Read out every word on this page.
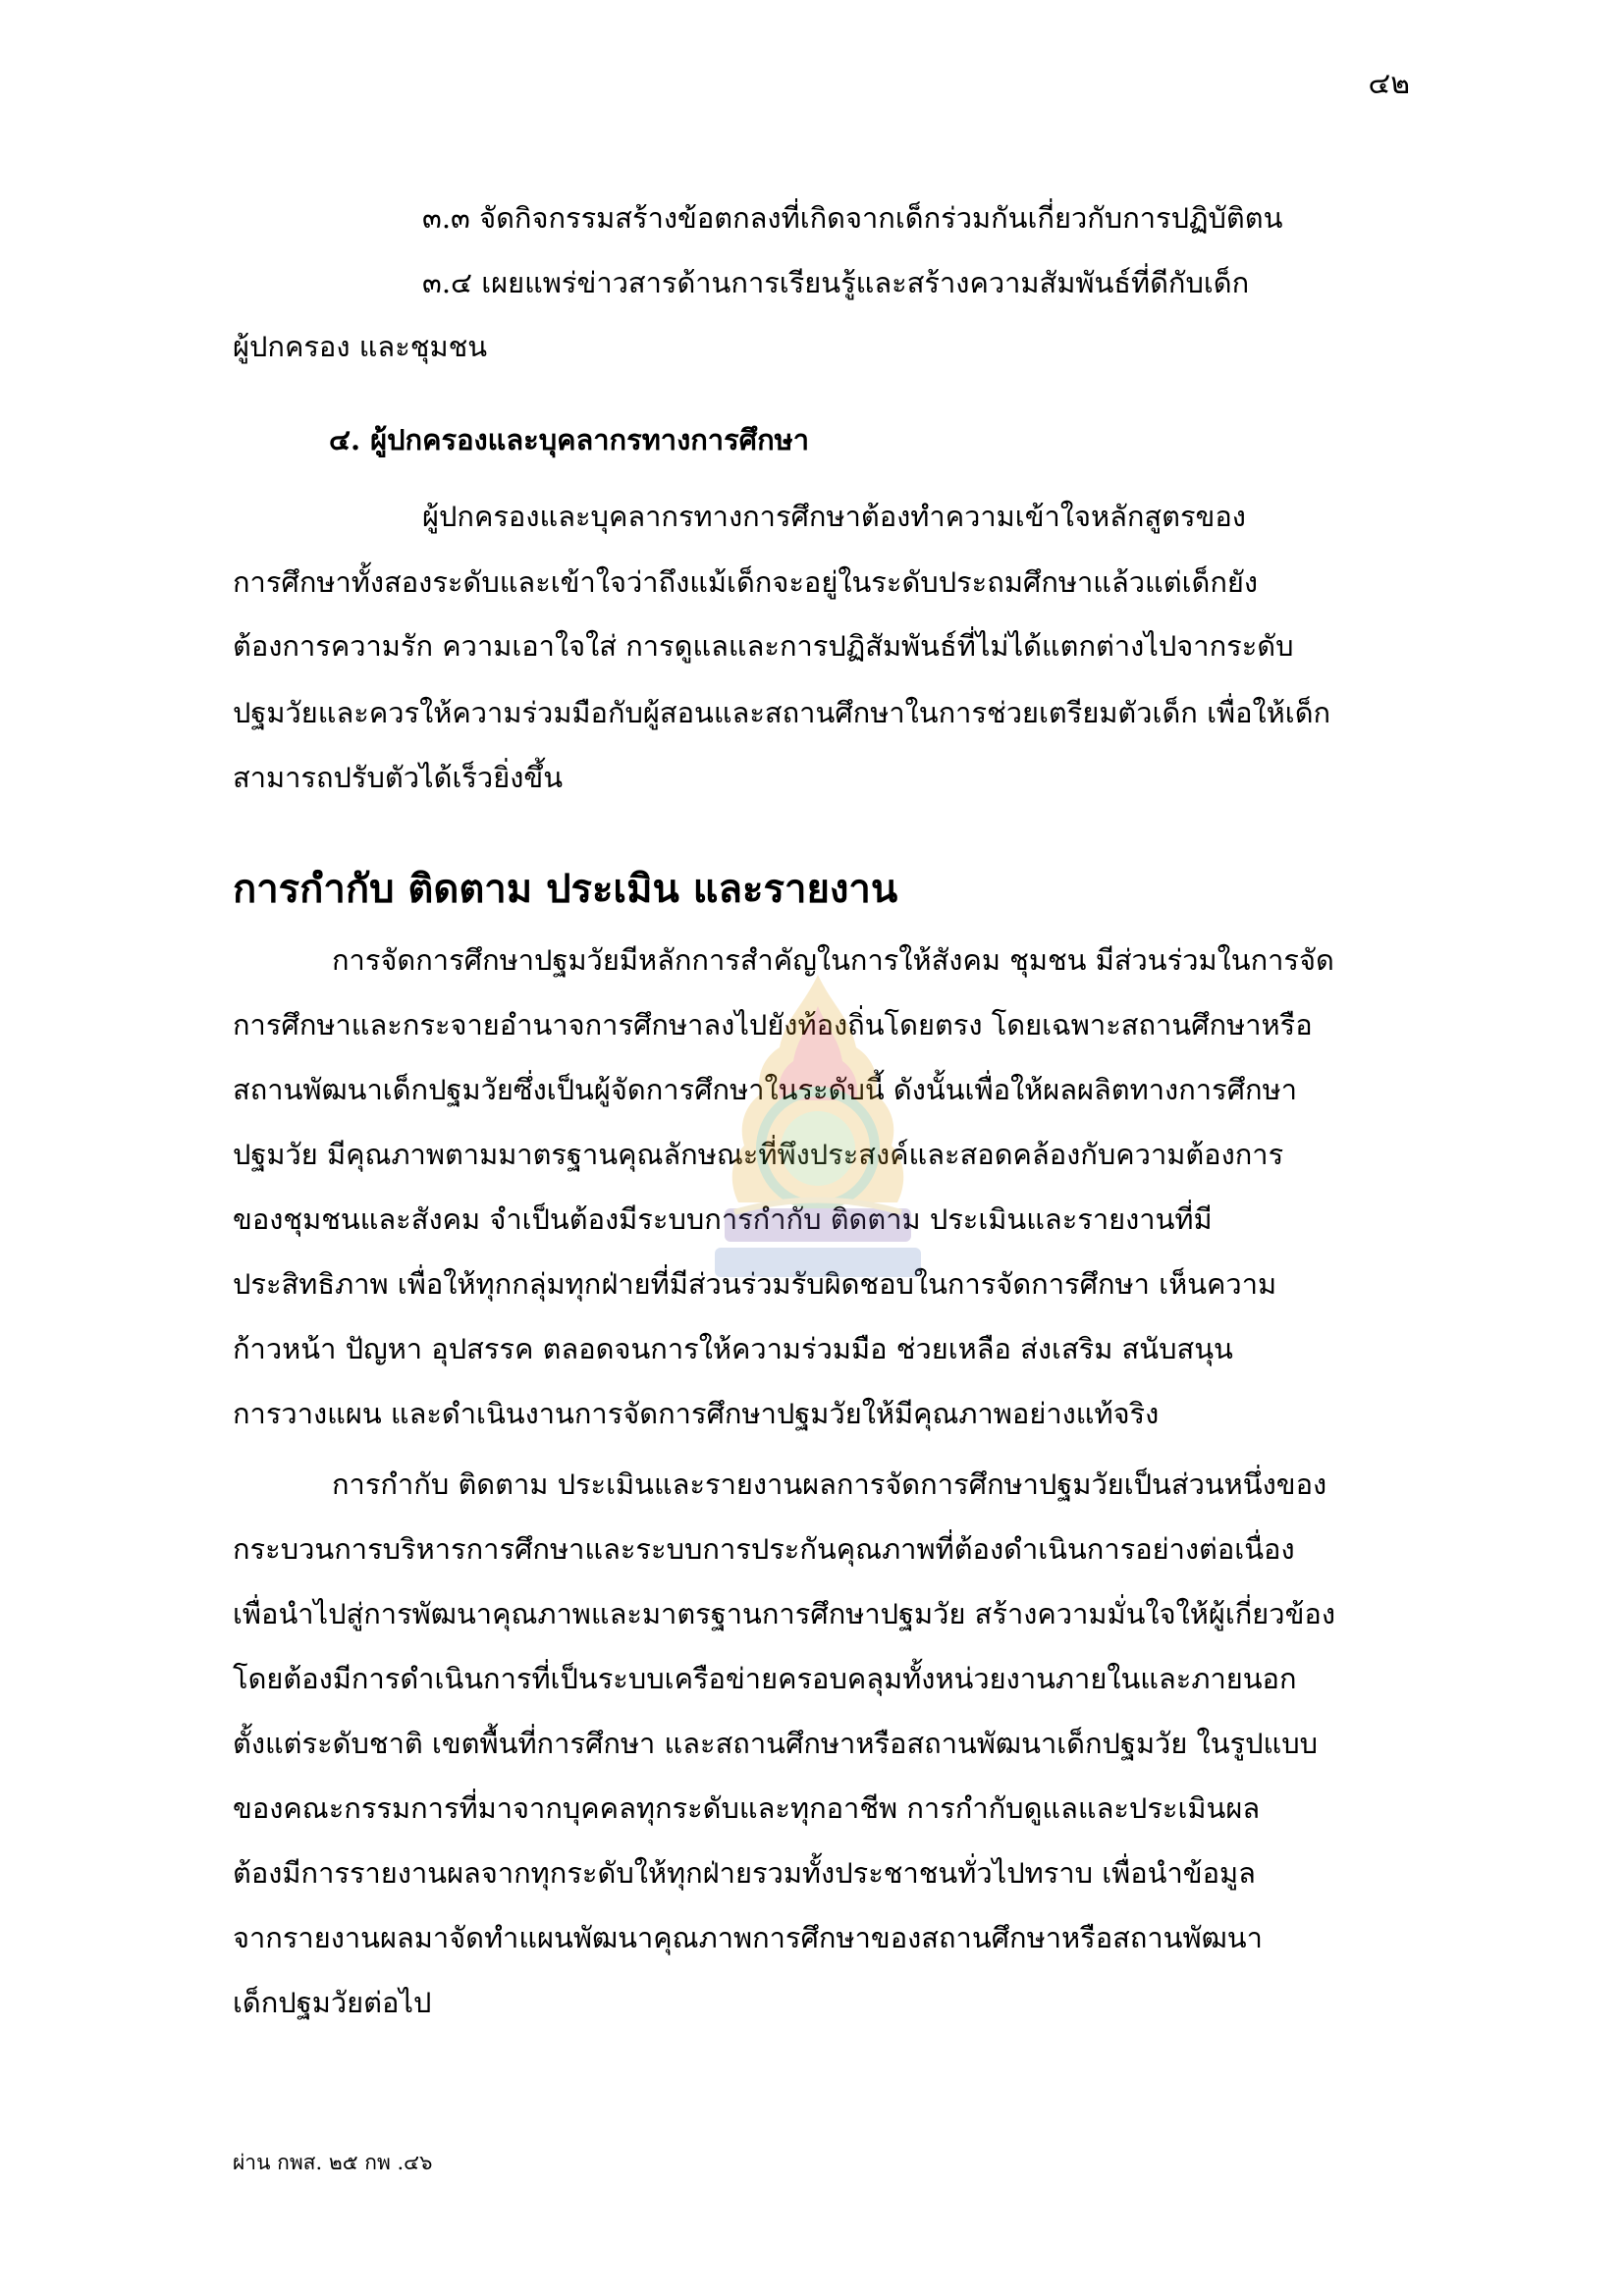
๔๒
๓.๓ จัดกิจกรรมสร้างข้อตกลงที่เกิดจากเด็กร่วมกันเกี่ยวกับการปฏิบัติตน
๓.๔ เผยแพร่ข่าวสารด้านการเรียนรู้และสร้างความสัมพันธ์ที่ดีกับเด็ก
ผู้ปกครอง และชุมชน
๔. ผู้ปกครองและบุคลากรทางการศึกษา
ผู้ปกครองและบุคลากรทางการศึกษาต้องทำความเข้าใจหลักสูตรของ
การศึกษาทั้งสองระดับและเข้าใจว่าถึงแม้เด็กจะอยู่ในระดับประถมศึกษาแล้วแต่เด็กยัง
ต้องการความรัก ความเอาใจใส่ การดูแลและการปฏิสัมพันธ์ที่ไม่ได้แตกต่างไปจากระดับ
ปฐมวัยและควรให้ความร่วมมือกับผู้สอนและสถานศึกษาในการช่วยเตรียมตัวเด็ก เพื่อให้เด็ก
สามารถปรับตัวได้เร็วยิ่งขึ้น
การกำกับ ติดตาม ประเมิน และรายงาน
การจัดการศึกษาปฐมวัยมีหลักการสำคัญในการให้สังคม ชุมชน มีส่วนร่วมในการจัด
การศึกษาและกระจายอำนาจการศึกษาลงไปยังท้องถิ่นโดยตรง โดยเฉพาะสถานศึกษาหรือ
สถานพัฒนาเด็กปฐมวัยซึ่งเป็นผู้จัดการศึกษาในระดับนี้ ดังนั้นเพื่อให้ผลผลิตทางการศึกษา
ปฐมวัย มีคุณภาพตามมาตรฐานคุณลักษณะที่พึงประสงค์และสอดคล้องกับความต้องการ
ของชุมชนและสังคม จำเป็นต้องมีระบบการกำกับ ติดตาม ประเมินและรายงานที่มี
ประสิทธิภาพ เพื่อให้ทุกกลุ่มทุกฝ่ายที่มีส่วนร่วมรับผิดชอบในการจัดการศึกษา เห็นความ
ก้าวหน้า ปัญหา อุปสรรค ตลอดจนการให้ความร่วมมือ ช่วยเหลือ ส่งเสริม สนับสนุน
การวางแผน และดำเนินงานการจัดการศึกษาปฐมวัยให้มีคุณภาพอย่างแท้จริง
การกำกับ ติดตาม ประเมินและรายงานผลการจัดการศึกษาปฐมวัยเป็นส่วนหนึ่งของ
กระบวนการบริหารการศึกษาและระบบการประกันคุณภาพที่ต้องดำเนินการอย่างต่อเนื่อง
เพื่อนำไปสู่การพัฒนาคุณภาพและมาตรฐานการศึกษาปฐมวัย สร้างความมั่นใจให้ผู้เกี่ยวข้อง
โดยต้องมีการดำเนินการที่เป็นระบบเครือข่ายครอบคลุมทั้งหน่วยงานภายในและภายนอก
ตั้งแต่ระดับชาติ เขตพื้นที่การศึกษา และสถานศึกษาหรือสถานพัฒนาเด็กปฐมวัย ในรูปแบบ
ของคณะกรรมการที่มาจากบุคคลทุกระดับและทุกอาชีพ การกำกับดูแลและประเมินผล
ต้องมีการรายงานผลจากทุกระดับให้ทุกฝ่ายรวมทั้งประชาชนทั่วไปทราบ เพื่อนำข้อมูล
จากรายงานผลมาจัดทำแผนพัฒนาคุณภาพการศึกษาของสถานศึกษาหรือสถานพัฒนา
เด็กปฐมวัยต่อไป
ผ่าน กพส. ๒๕ กพ .๔๖
